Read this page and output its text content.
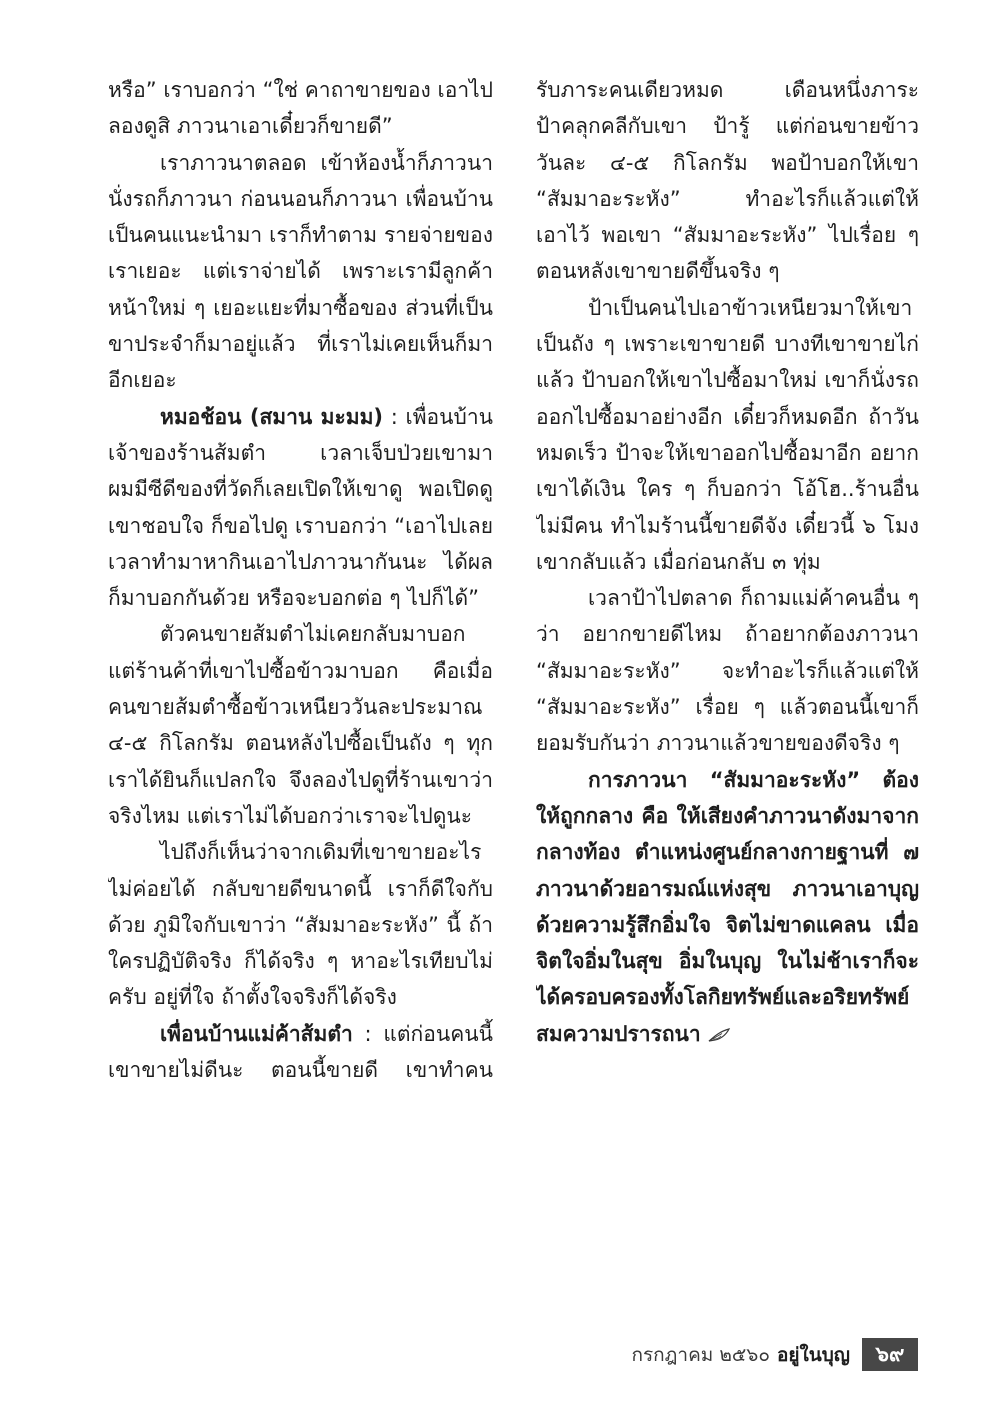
หรือ” เราบอกว่า “ใช่ คาถาขายของ เอาไป
ลองดูสิ ภาวนาเอาเดี๋ยวก็ขายดี”
เราภาวนาตลอด เข้าห้องน้ำก็ภาวนา
นั่งรถก็ภาวนา ก่อนนอนก็ภาวนา เพื่อนบ้าน
เป็นคนแนะนำมา เราก็ทำตาม รายจ่ายของ
เราเยอะ แต่เราจ่ายได้ เพราะเรามีลูกค้า
หน้าใหม่ ๆ เยอะแยะที่มาซื้อของ ส่วนที่เป็น
ขาประจำก็มาอยู่แล้ว ที่เราไม่เคยเห็นก็มา
อีกเยอะ
หมอช้อน (สมาน มะมม) : เพื่อนบ้าน
เจ้าของร้านส้มตำ เวลาเจ็บป่วยเขามา
ผมมีซีดีของที่วัดก็เลยเปิดให้เขาดู พอเปิดดู
เขาชอบใจ ก็ขอไปดู เราบอกว่า “เอาไปเลย
เวลาทำมาหากินเอาไปภาวนากันนะ ได้ผล
ก็มาบอกกันด้วย หรือจะบอกต่อ ๆ ไปก็ได้”
ตัวคนขายส้มตำไม่เคยกลับมาบอก
แต่ร้านค้าที่เขาไปซื้อข้าวมาบอก คือเมื่อ
คนขายส้มตำซื้อข้าวเหนียววันละประมาณ
๔-๕ กิโลกรัม ตอนหลังไปซื้อเป็นถัง ๆ ทุก
เราได้ยินก็แปลกใจ จึงลองไปดูที่ร้านเขาว่า
จริงไหม แต่เราไม่ได้บอกว่าเราจะไปดูนะ
ไปถึงก็เห็นว่าจากเดิมที่เขาขายอะไร
ไม่ค่อยได้ กลับขายดีขนาดนี้ เราก็ดีใจกับ
ด้วย ภูมิใจกับเขาว่า “สัมมาอะระหัง” นี้ ถ้า
ใครปฏิบัติจริง ก็ได้จริง ๆ หาอะไรเทียบไม่
ครับ อยู่ที่ใจ ถ้าตั้งใจจริงก็ได้จริง
เพื่อนบ้านแม่ค้าส้มตำ : แต่ก่อนคนนี้
เขาขายไม่ดีนะ ตอนนี้ขายดี เขาทำคน
รับภาระคนเดียวหมด เดือนหนึ่งภาระ
ป้าคลุกคลีกับเขา ป้ารู้ แต่ก่อนขายข้าว
วันละ ๔-๕ กิโลกรัม พอป้าบอกให้เขา
“สัมมาอะระหัง” ทำอะไรก็แล้วแต่ให้
เอาไว้ พอเขา “สัมมาอะระหัง” ไปเรื่อย ๆ
ตอนหลังเขาขายดีขึ้นจริง ๆ
ป้าเป็นคนไปเอาข้าวเหนียวมาให้เขา
เป็นถัง ๆ เพราะเขาขายดี บางทีเขาขายไก่
แล้ว ป้าบอกให้เขาไปซื้อมาใหม่ เขาก็นั่งรถ
ออกไปซื้อมาอย่างอีก เดี๋ยวก็หมดอีก ถ้าวัน
หมดเร็ว ป้าจะให้เขาออกไปซื้อมาอีก อยาก
เขาได้เงิน ใคร ๆ ก็บอกว่า โอ้โฮ..ร้านอื่น
ไม่มีคน ทำไมร้านนี้ขายดีจัง เดี๋ยวนี้ ๖ โมง
เขากลับแล้ว เมื่อก่อนกลับ ๓ ทุ่ม
เวลาป้าไปตลาด ก็ถามแม่ค้าคนอื่น ๆ
ว่า อยากขายดีไหม ถ้าอยากต้องภาวนา
“สัมมาอะระหัง” จะทำอะไรก็แล้วแต่ให้
“สัมมาอะระหัง” เรื่อย ๆ แล้วตอนนี้เขาก็
ยอมรับกันว่า ภาวนาแล้วขายของดีจริง ๆ
การภาวนา “สัมมาอะระหัง” ต้อง
ให้ถูกกลาง คือ ให้เสียงคำภาวนาดังมาจาก
กลางท้อง ตำแหน่งศูนย์กลางกายฐานที่ ๗
ภาวนาด้วยอารมณ์แห่งสุข ภาวนาเอาบุญ
ด้วยความรู้สึกอิ่มใจ จิตไม่ขาดแคลน เมื่อ
จิตใจอิ่มในสุข อิ่มในบุญ ในไม่ช้าเราก็จะ
ได้ครอบครองทั้งโลกิยทรัพย์และอริยทรัพย์
สมความปรารถนา
กรกฎาคม ๒๕๖๐ อยู่ในบุญ	๖๙
